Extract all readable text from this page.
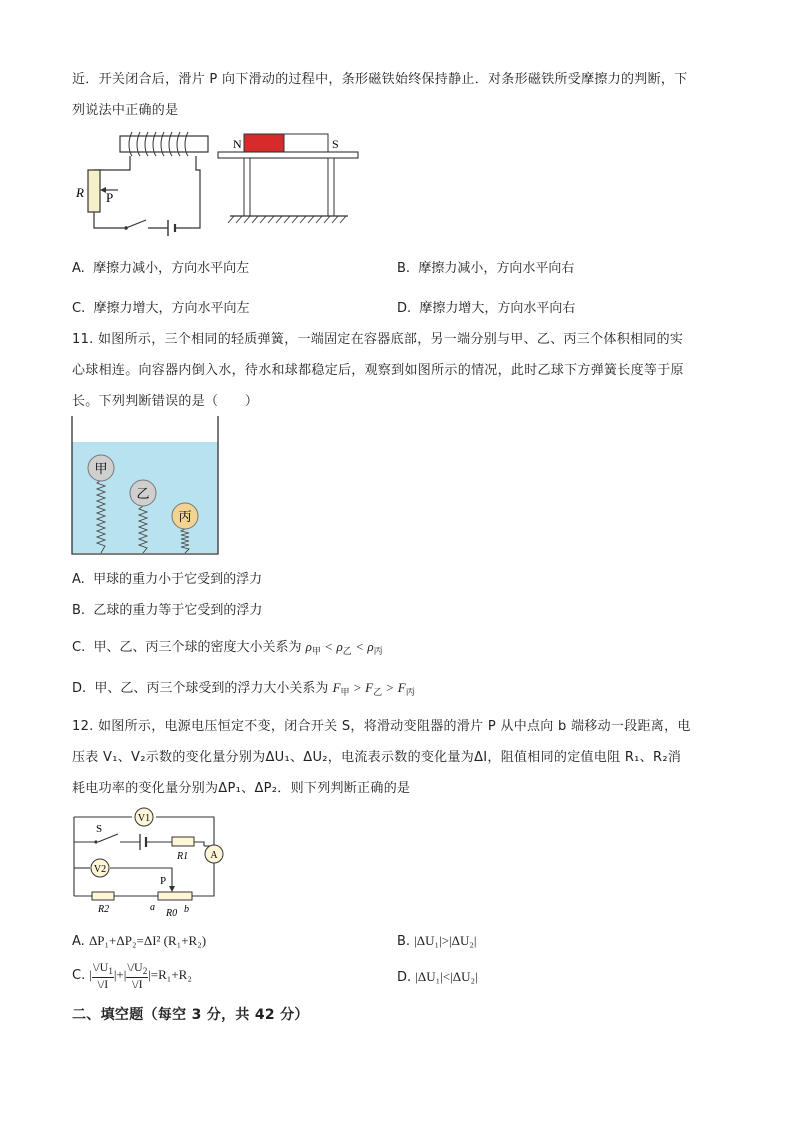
近．开关闭合后，滑片 P 向下滑动的过程中，条形磁铁始终保持静止．对条形磁铁所受摩擦力的判断，下
列说法中正确的是
R P
N	S
A. 摩擦力减小，方向水平向左	B. 摩擦力减小，方向水平向右
C. 摩擦力增大，方向水平向左	D. 摩擦力增大，方向水平向右
11. 如图所示，三个相同的轻质弹簧，一端固定在容器底部，另一端分别与甲、乙、丙三个体积相同的实
心球相连。向容器内倒入水，待水和球都稳定后，观察到如图所示的情况，此时乙球下方弹簧长度等于原
长。下列判断错误的是（　　）
甲
乙
丙
A. 甲球的重力小于它受到的浮力
B. 乙球的重力等于它受到的浮力
C. 甲、乙、丙三个球的密度大小关系为 $\rho_甲 < \rho_乙 < \rho_丙$
D. 甲、乙、丙三个球受到的浮力大小关系为 $F_甲 > F_乙 > F_丙$
12. 如图所示，电源电压恒定不变，闭合开关 S，将滑动变阻器的滑片 P 从中点向 b 端移动一段距离，电
压表 V₁、V₂示数的变化量分别为ΔU₁、ΔU₂，电流表示数的变化量为ΔI，阻值相同的定值电阻 R₁、R₂消
耗电功率的变化量分别为ΔP₁、ΔP₂．则下列判断正确的是
V1
S
R1 A
V2
R2
P
a	b
R0
A. ΔP₁+ΔP₂=ΔI² (R₁+R₂)	B. |ΔU₁|>|ΔU₂|
C. | $\frac{\backslash/U_1}{\backslash/I}$ |+| $\frac{\backslash/U_2}{\backslash/I} |=R_1+R_2$	D. |ΔU₁|<|ΔU₂|
二、填空题（每空 3 分，共 42 分）
